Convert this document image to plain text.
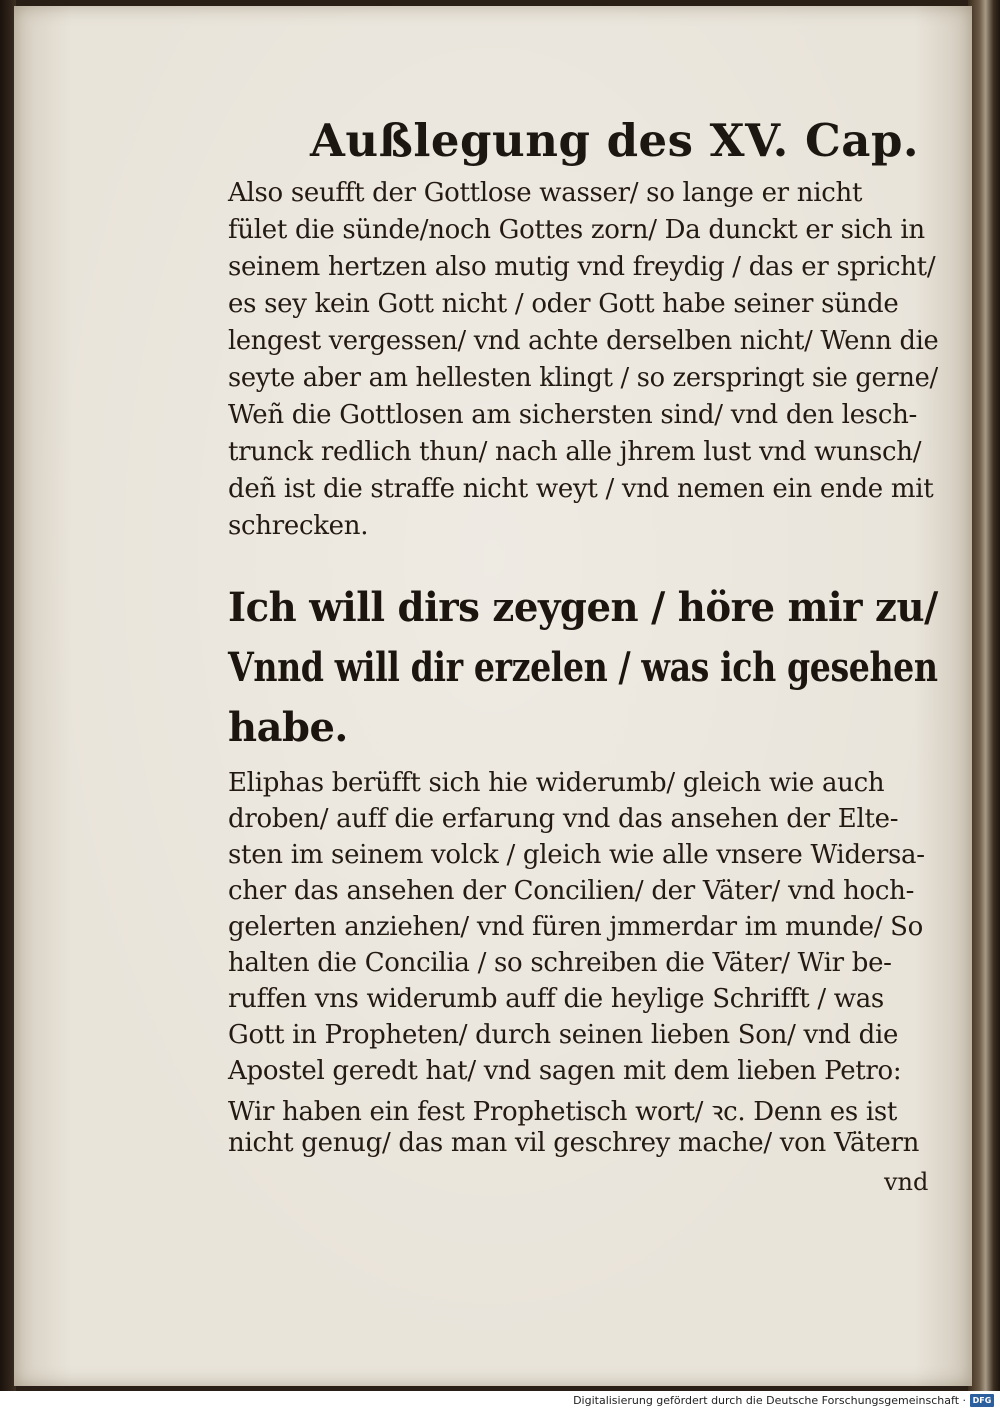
Außlegung des XV. Cap.
Also seufft der Gottlose wasser/ so lange er nicht
fület die sünde/noch Gottes zorn/ Da dunckt er sich in
seinem hertzen also mutig vnd freydig / das er spricht/
es sey kein Gott nicht / oder Gott habe seiner sünde
lengest vergessen/ vnd achte derselben nicht/ Wenn die
seyte aber am hellesten klingt / so zerspringt sie gerne/
Weñ die Gottlosen am sichersten sind/ vnd den lesch-
trunck redlich thun/ nach alle jhrem lust vnd wunsch/
deñ ist die straffe nicht weyt / vnd nemen ein ende mit
schrecken.
Ich will dirs zeygen / höre mir zu/
Vnnd will dir erzelen / was ich gesehen
habe.
Eliphas berüfft sich hie widerumb/ gleich wie auch
droben/ auff die erfarung vnd das ansehen der Elte-
sten im seinem volck / gleich wie alle vnsere Widersa-
cher das ansehen der Concilien/ der Väter/ vnd hoch-
gelerten anziehen/ vnd füren jmmerdar im munde/ So
halten die Concilia / so schreiben die Väter/ Wir be-
ruffen vns widerumb auff die heylige Schrifft / was
Gott in Propheten/ durch seinen lieben Son/ vnd die
Apostel geredt hat/ vnd sagen mit dem lieben Petro:
Wir haben ein fest Prophetisch wort/ ꝛc. Denn es ist
nicht genug/ das man vil geschrey mache/ von Vätern
vnd
Digitalisierung gefördert durch die Deutsche Forschungsgemeinschaft · DFG
